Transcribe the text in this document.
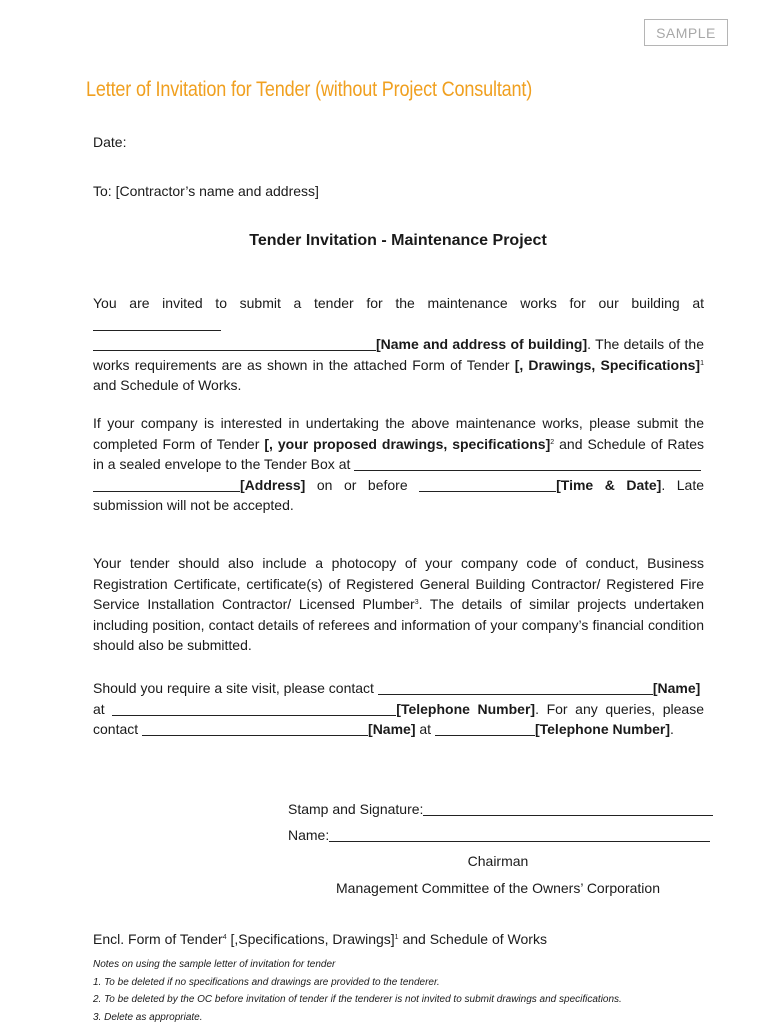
SAMPLE
Letter of Invitation for Tender (without Project Consultant)
Date:
To: [Contractor’s name and address]
Tender Invitation - Maintenance Project

You are invited to submit a tender for the maintenance works for our building at
[Name and address of building]. The details of the works requirements are as shown in the attached Form of Tender [, Drawings, Specifications]$^1$ and Schedule of Works.

If your company is interested in undertaking the above maintenance works, please submit the completed Form of Tender [, your proposed drawings, specifications]$^2$ and Schedule of Rates in a sealed envelope to the Tender Box at
[Address] on or before	[Time & Date]. Late submission will not be accepted.

Your tender should also include a photocopy of your company code of conduct, Business Registration Certificate, certificate(s) of Registered General Building Contractor/ Registered Fire Service Installation Contractor/ Licensed Plumber$^3$. The details of similar projects undertaken including position, contact details of referees and information of your company’s financial condition should also be submitted.

Should you require a site visit, please contact	[Name]
at	[Telephone Number]. For any queries, please contact	[Name] at	[Telephone Number].

Stamp and Signature:
Name:
Chairman
Management Committee of the Owners’ Corporation
Encl. Form of Tender$^4$ [,Specifications, Drawings]$^1$ and Schedule of Works
Notes on using the sample letter of invitation for tender
1. To be deleted if no specifications and drawings are provided to the tenderer.
2. To be deleted by the OC before invitation of tender if the tenderer is not invited to submit drawings and specifications.
3. Delete as appropriate.
